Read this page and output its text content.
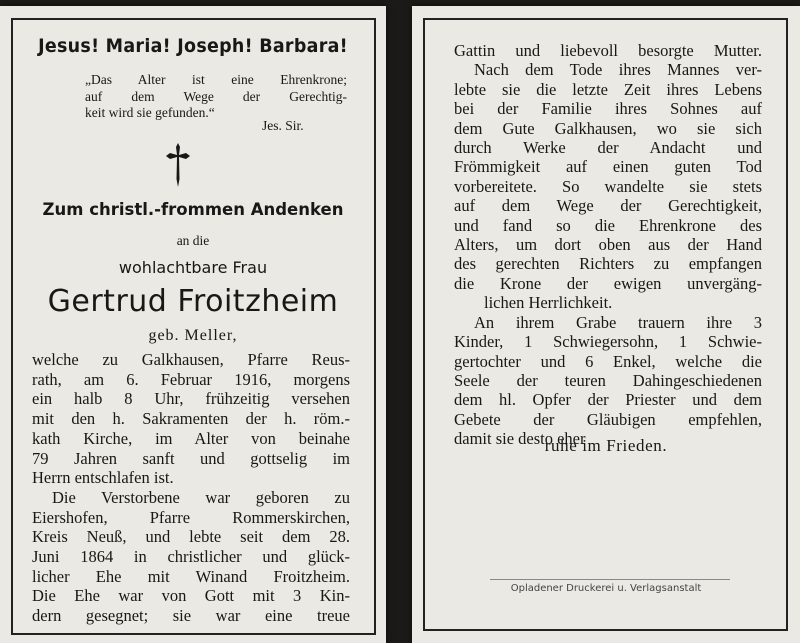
Jesus! Maria! Joseph! Barbara!
„Das Alter ist eine Ehrenkrone;
auf dem Wege der Gerechtig-
keit wird sie gefunden.“
Jes. Sir.
Zum christl.-frommen Andenken
an die
wohlachtbare Frau
Gertrud Froitzheim
geb. Meller,
welche zu Galkhausen, Pfarre Reus-
rath, am 6. Februar 1916, morgens
ein halb 8 Uhr, frühzeitig versehen
mit den h. Sakramenten der h. röm.-
kath Kirche, im Alter von beinahe
79 Jahren sanft und gottselig im
Herrn entschlafen ist.
Die Verstorbene war geboren zu
Eiershofen, Pfarre Rommerskirchen,
Kreis Neuß, und lebte seit dem 28.
Juni 1864 in christlicher und glück-
licher Ehe mit Winand Froitzheim.
Die Ehe war von Gott mit 3 Kin-
dern gesegnet; sie war eine treue
Gattin und liebevoll besorgte Mutter.
Nach dem Tode ihres Mannes ver-
lebte sie die letzte Zeit ihres Lebens
bei der Familie ihres Sohnes auf
dem Gute Galkhausen, wo sie sich
durch Werke der Andacht und
Frömmigkeit auf einen guten Tod
vorbereitete. So wandelte sie stets
auf dem Wege der Gerechtigkeit,
und fand so die Ehrenkrone des
Alters, um dort oben aus der Hand
des gerechten Richters zu empfangen
die Krone der ewigen unvergäng-
lichen Herrlichkeit.
An ihrem Grabe trauern ihre 3
Kinder, 1 Schwiegersohn, 1 Schwie-
gertochter und 6 Enkel, welche die
Seele der teuren Dahingeschiedenen
dem hl. Opfer der Priester und dem
Gebete der Gläubigen empfehlen,
damit sie desto eher
ruhe im Frieden.
Opladener Druckerei u. Verlagsanstalt
